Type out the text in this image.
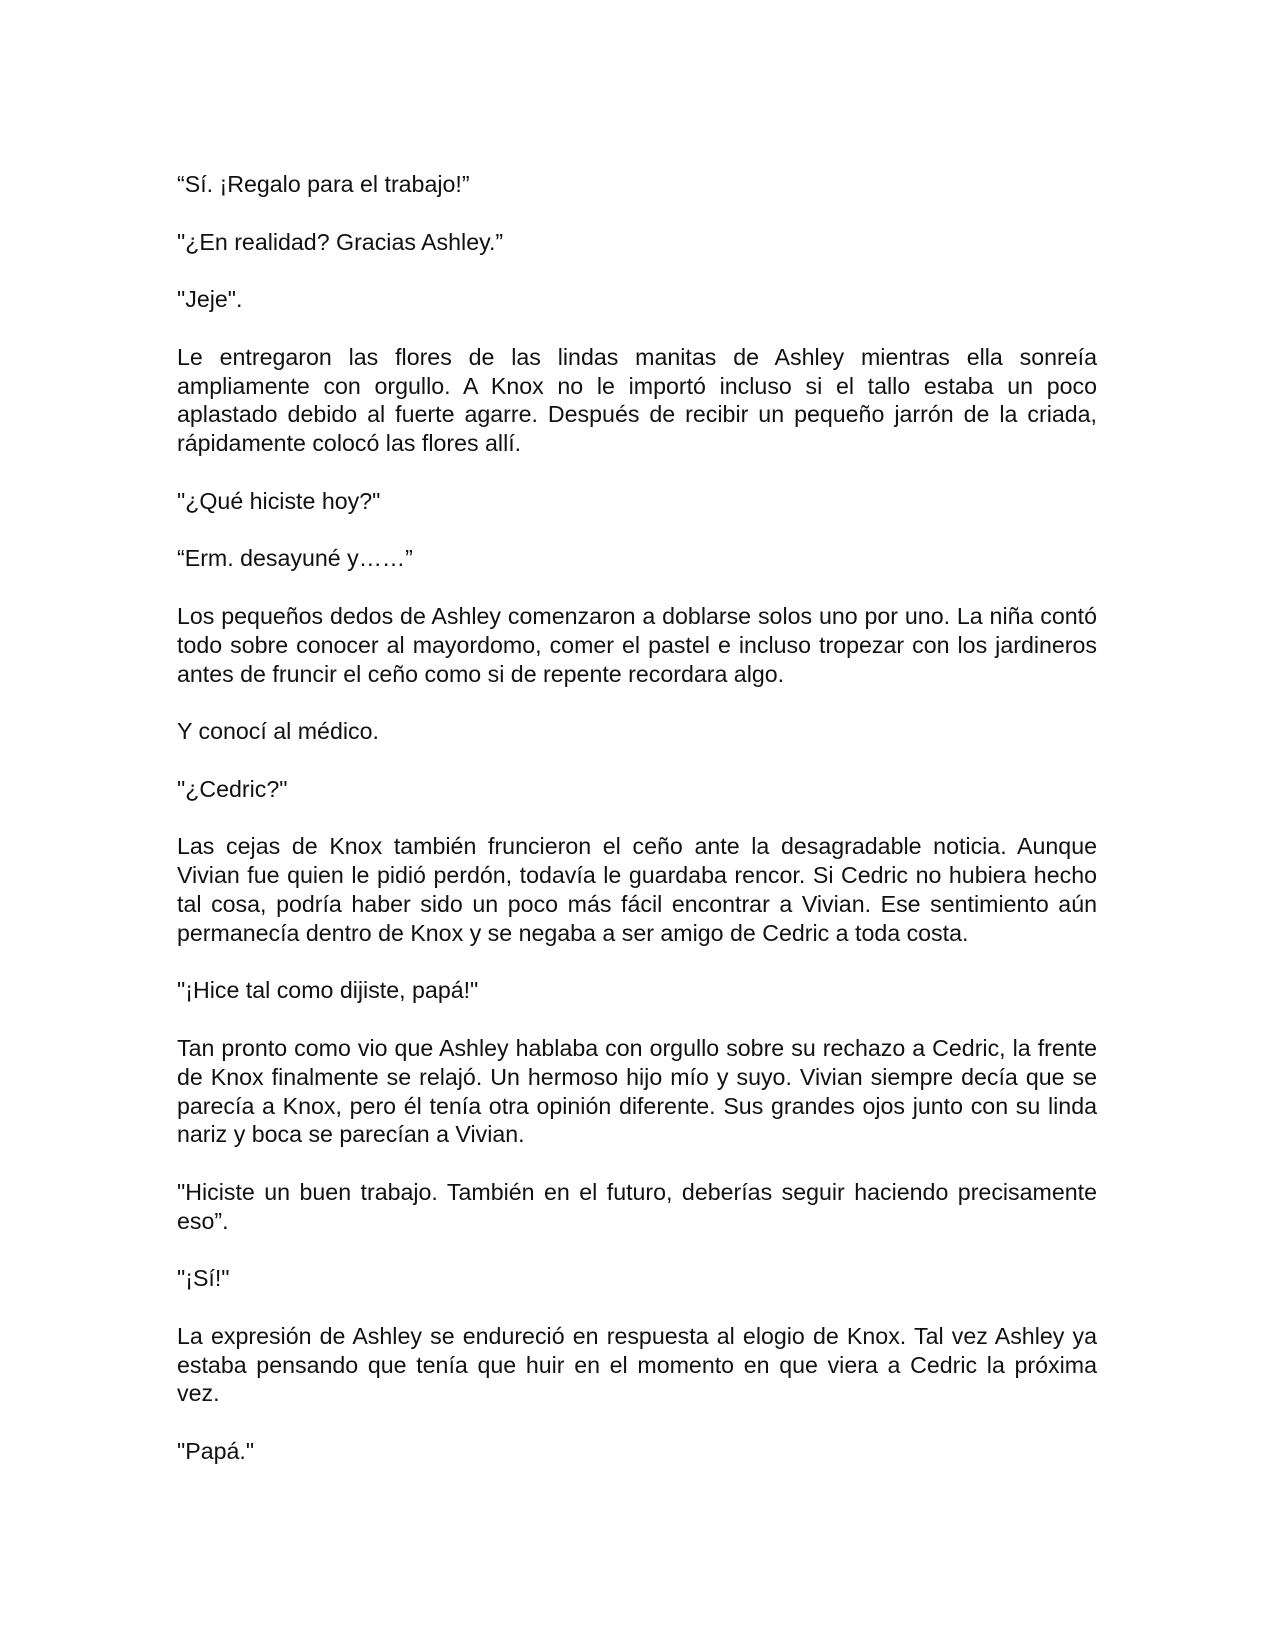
“Sí. ¡Regalo para el trabajo!”

"¿En realidad? Gracias Ashley.”

"Jeje".

Le entregaron las flores de las lindas manitas de Ashley mientras ella sonreía ampliamente con orgullo. A Knox no le importó incluso si el tallo estaba un poco aplastado debido al fuerte agarre. Después de recibir un pequeño jarrón de la criada, rápidamente colocó las flores allí.

"¿Qué hiciste hoy?"

“Erm. desayuné y……”

Los pequeños dedos de Ashley comenzaron a doblarse solos uno por uno. La niña contó todo sobre conocer al mayordomo, comer el pastel e incluso tropezar con los jardineros antes de fruncir el ceño como si de repente recordara algo.

Y conocí al médico.

"¿Cedric?"

Las cejas de Knox también fruncieron el ceño ante la desagradable noticia. Aunque Vivian fue quien le pidió perdón, todavía le guardaba rencor. Si Cedric no hubiera hecho tal cosa, podría haber sido un poco más fácil encontrar a Vivian. Ese sentimiento aún permanecía dentro de Knox y se negaba a ser amigo de Cedric a toda costa.

"¡Hice tal como dijiste, papá!"

Tan pronto como vio que Ashley hablaba con orgullo sobre su rechazo a Cedric, la frente de Knox finalmente se relajó. Un hermoso hijo mío y suyo. Vivian siempre decía que se parecía a Knox, pero él tenía otra opinión diferente. Sus grandes ojos junto con su linda nariz y boca se parecían a Vivian.

"Hiciste un buen trabajo. También en el futuro, deberías seguir haciendo precisamente eso”.

"¡Sí!"

La expresión de Ashley se endureció en respuesta al elogio de Knox. Tal vez Ashley ya estaba pensando que tenía que huir en el momento en que viera a Cedric la próxima vez.

"Papá."
